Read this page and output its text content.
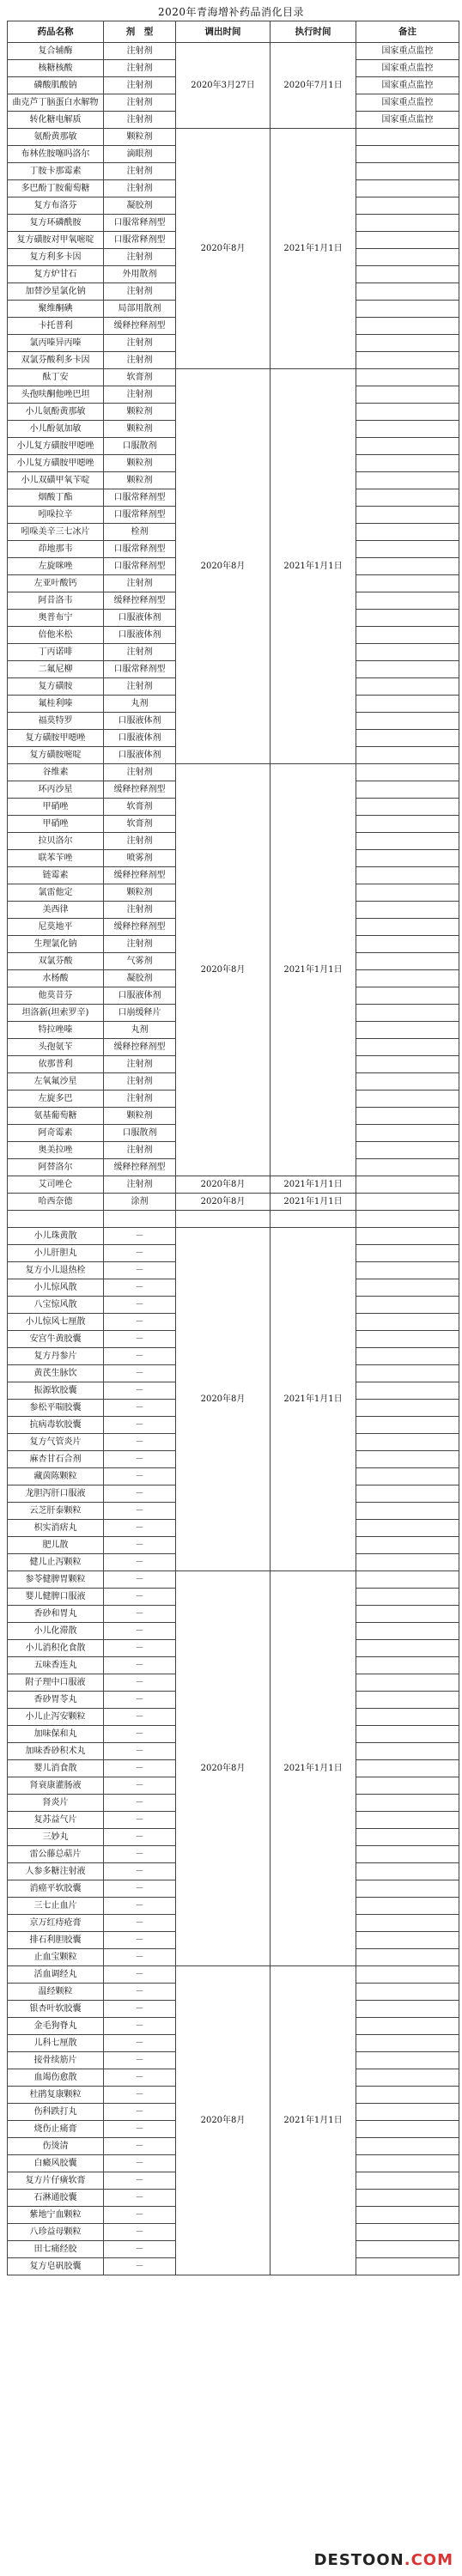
2020年青海增补药品消化目录
药品名称	剂　型	调出时间	执行时间	备注
复合辅酶	注射剂	2020年3月27日	2020年7月1日	国家重点监控
核糖核酸	注射剂			国家重点监控
磷酸肌酸钠	注射剂			国家重点监控
曲克芦丁脑蛋白水解物	注射剂			国家重点监控
转化糖电解质	注射剂			国家重点监控
氨酚黄那敏	颗粒剂	2020年8月	2021年1月1日	
布林佐胺噻吗洛尔	滴眼剂			
丁胺卡那霉素	注射剂			
多巴酚丁胺葡萄糖	注射剂			
复方布洛芬	凝胶剂			
复方环磷酰胺	口服常释剂型			
复方磺胺对甲氧嘧啶	口服常释剂型			
复方利多卡因	注射剂			
复方炉甘石	外用散剂			
加替沙星氯化钠	注射剂			
聚维酮碘	局部用散剂			
卡托普利	缓释控释剂型			
氯丙嗪异丙嗪	注射剂			
双氯芬酸利多卡因	注射剂			
酞丁安	软膏剂	2020年8月	2021年1月1日	
头孢呋酮他唑巴坦	注射剂			
小儿氨酚黄那敏	颗粒剂			
小儿酚氨加敏	颗粒剂			
小儿复方磺胺甲噁唑	口服散剂			
小儿复方磺胺甲噁唑	颗粒剂			
小儿双磺甲氧苄啶	颗粒剂			
烟酸丁酯	口服常释剂型			
吲哚拉辛	口服常释剂型			
吲哚美辛三七冰片	栓剂			
茚地那韦	口服常释剂型			
左旋咪唑	口服常释剂型			
左亚叶酸钙	注射剂			
阿昔洛韦	缓释控释剂型			
奥普布宁	口服液体剂			
倍他米松	口服液体剂			
丁丙诺啡	注射剂			
二氟尼柳	口服常释剂型			
复方磺胺	注射剂			
氟桂利嗪	丸剂			
福莫特罗	口服液体剂			
复方磺胺甲噁唑	口服液体剂			
复方磺胺嘧啶	口服液体剂			
谷维素	注射剂	2020年8月	2021年1月1日	
环丙沙星	缓释控释剂型			
甲硝唑	软膏剂			
甲硝唑	软膏剂			
拉贝洛尔	注射剂			
联苯苄唑	喷雾剂			
链霉素	缓释控释剂型			
氯雷他定	颗粒剂			
美西律	注射剂			
尼莫地平	缓释控释剂型			
生理氯化钠	注射剂			
双氯芬酸	气雾剂			
水杨酸	凝胶剂			
他莫昔芬	口服液体剂			
坦洛新(坦索罗辛)	口崩缓释片			
特拉唑嗪	丸剂			
头孢氨苄	缓释控释剂型			
依那普利	注射剂			
左氧氟沙星	注射剂			
左旋多巴	注射剂			
氨基葡萄糖	颗粒剂			
阿奇霉素	口服散剂			
奥美拉唑	注射剂			
阿替洛尔	缓释控释剂型			
艾司唑仑	注射剂	2020年8月	2021年1月1日	
哈西奈德	涂剂	2020年8月	2021年1月1日	

小儿珠黄散	－	2020年8月	2021年1月1日	
小儿肝胆丸	－			
复方小儿退热栓	－			
小儿惊风散	－			
八宝惊风散	－			
小儿惊风七厘散	－			
安宫牛黄胶囊	－			
复方丹参片	－			
黄芪生脉饮	－			
振源软胶囊	－			
参松平喘胶囊	－			
抗病毒软胶囊	－			
复方气管炎片	－			
麻杏甘石合剂	－			
藏茵陈颗粒	－			
龙胆泻肝口服液	－			
云芝肝泰颗粒	－			
枳实消痞丸	－			
肥儿散	－			
健儿止泻颗粒	－			
参苓健脾胃颗粒	－	2020年8月	2021年1月1日	
婴儿健脾口服液	－			
香砂和胃丸	－			
小儿化滞散	－			
小儿消积化食散	－			
五味香连丸	－			
附子理中口服液	－			
香砂胃苓丸	－			
小儿止泻安颗粒	－			
加味保和丸	－			
加味香砂积术丸	－			
婴儿消食散	－			
肾衰康灌肠液	－			
肾炎片	－			
复苏益气片	－			
三妙丸	－			
雷公藤总萜片	－			
人参多糖注射液	－			
消癌平软胶囊	－			
三七止血片	－			
京万红痔疮膏	－			
排石利胆胶囊	－			
止血宝颗粒	－			
活血调经丸	－	2020年8月	2021年1月1日	
温经颗粒	－			
银杏叶软胶囊	－			
金毛狗脊丸	－			
儿科七厘散	－			
接骨续筋片	－			
血竭伤愈散	－			
杜鹃复康颗粒	－			
伤科跌打丸	－			
烧伤止痛膏	－			
伤烫清	－			
白癜风胶囊	－			
复方片仔癀软膏	－			
石淋通胶囊	－			
紫地宁血颗粒	－			
八珍益母颗粒	－			
田七痛经胶	－			
复方皂矾胶囊	－			
DESTOON.COM
